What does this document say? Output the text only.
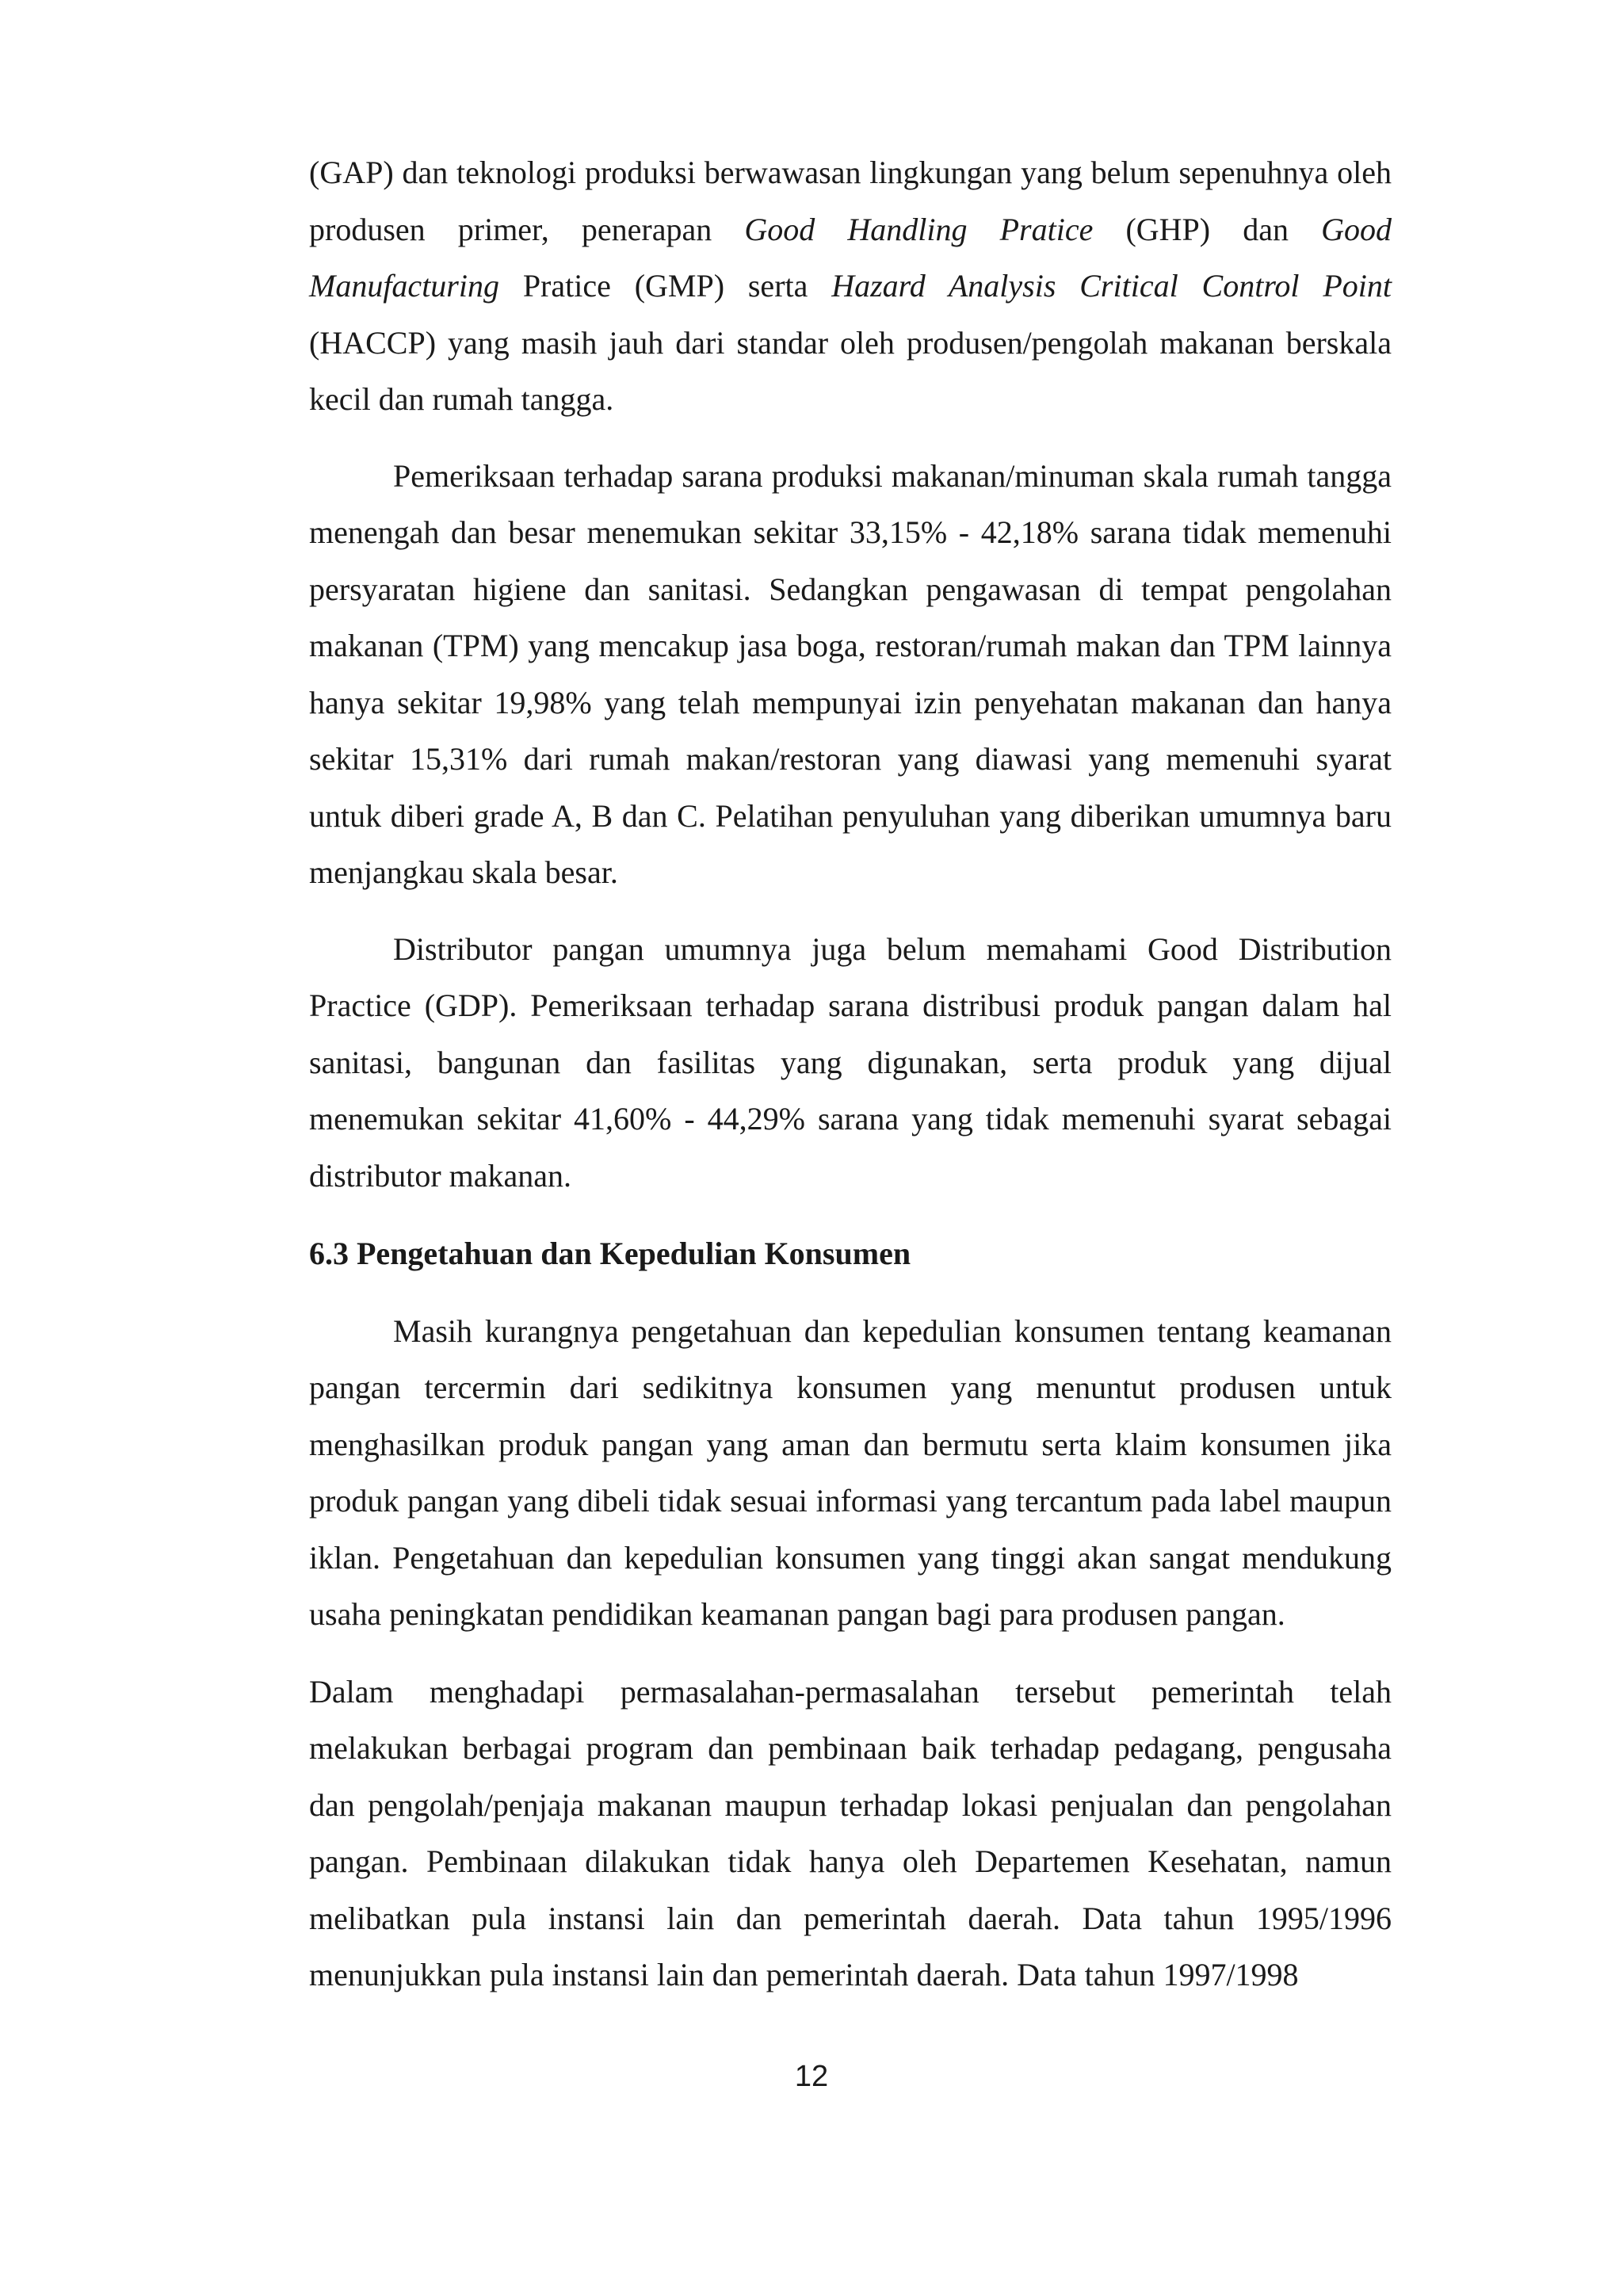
(GAP) dan teknologi produksi berwawasan lingkungan yang belum sepenuhnya oleh produsen primer, penerapan Good Handling Pratice (GHP) dan Good Manufacturing Pratice (GMP) serta Hazard Analysis Critical Control Point (HACCP) yang masih jauh dari standar oleh produsen/pengolah makanan berskala kecil dan rumah tangga.

Pemeriksaan terhadap sarana produksi makanan/minuman skala rumah tangga menengah dan besar menemukan sekitar 33,15% - 42,18% sarana tidak memenuhi persyaratan higiene dan sanitasi. Sedangkan pengawasan di tempat pengolahan makanan (TPM) yang mencakup jasa boga, restoran/rumah makan dan TPM lainnya hanya sekitar 19,98% yang telah mempunyai izin penyehatan makanan dan hanya sekitar 15,31% dari rumah makan/restoran yang diawasi yang memenuhi syarat untuk diberi grade A, B dan C. Pelatihan penyuluhan yang diberikan umumnya baru menjangkau skala besar.

Distributor pangan umumnya juga belum memahami Good Distribution Practice (GDP). Pemeriksaan terhadap sarana distribusi produk pangan dalam hal sanitasi, bangunan dan fasilitas yang digunakan, serta produk yang dijual menemukan sekitar 41,60% - 44,29% sarana yang tidak memenuhi syarat sebagai distributor makanan.

6.3 Pengetahuan dan Kepedulian Konsumen

Masih kurangnya pengetahuan dan kepedulian konsumen tentang keamanan pangan tercermin dari sedikitnya konsumen yang menuntut produsen untuk menghasilkan produk pangan yang aman dan bermutu serta klaim konsumen jika produk pangan yang dibeli tidak sesuai informasi yang tercantum pada label maupun iklan. Pengetahuan dan kepedulian konsumen yang tinggi akan sangat mendukung usaha peningkatan pendidikan keamanan pangan bagi para produsen pangan.

Dalam menghadapi permasalahan-permasalahan tersebut pemerintah telah melakukan berbagai program dan pembinaan baik terhadap pedagang, pengusaha dan pengolah/penjaja makanan maupun terhadap lokasi penjualan dan pengolahan pangan. Pembinaan dilakukan tidak hanya oleh Departemen Kesehatan, namun melibatkan pula instansi lain dan pemerintah daerah. Data tahun 1995/1996 menunjukkan pula instansi lain dan pemerintah daerah. Data tahun 1997/1998

12
